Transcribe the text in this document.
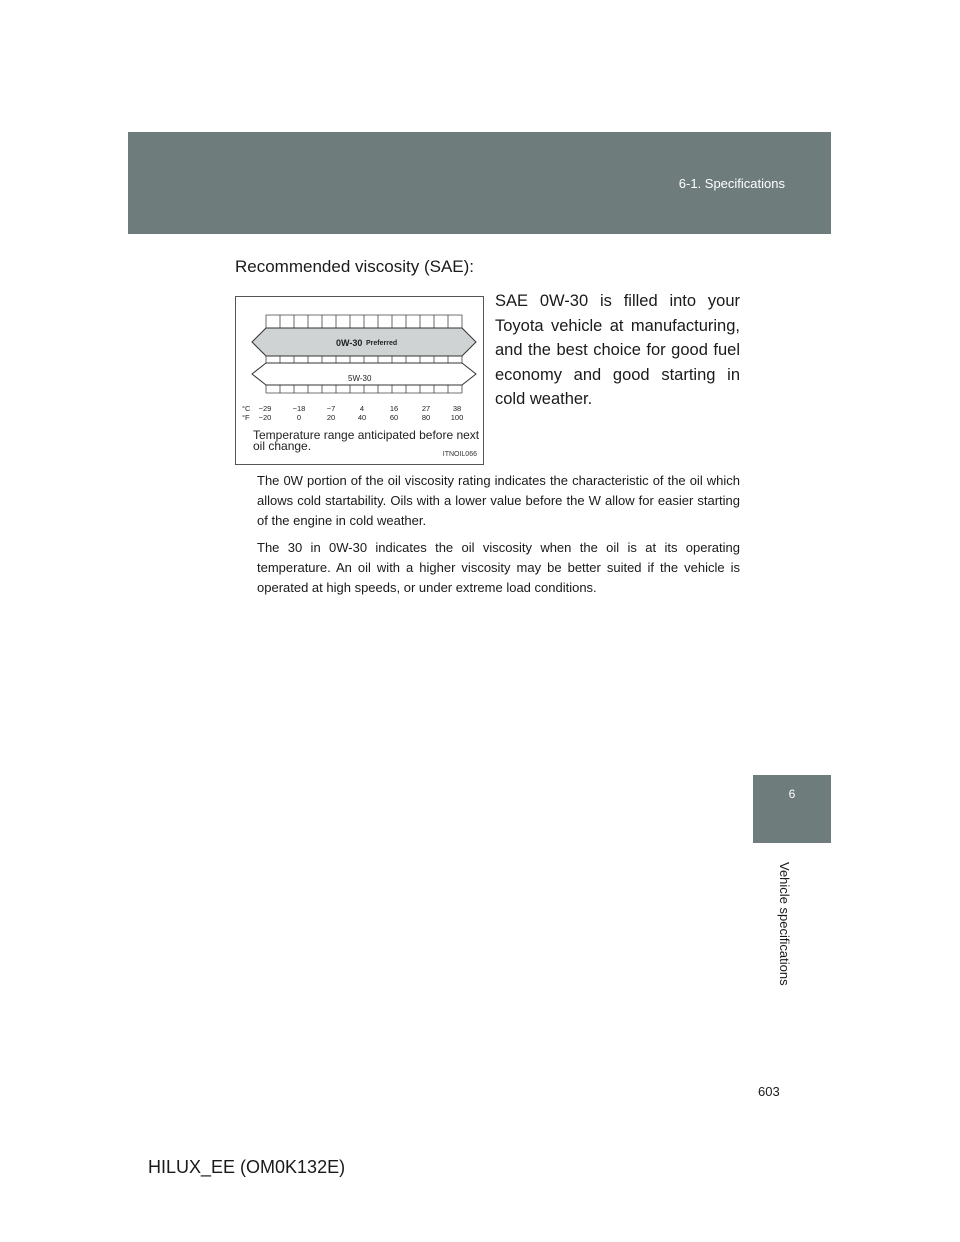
6-1. Specifications
6
Vehicle specifications
Recommended viscosity (SAE):
0W-30 Preferred
5W-30
°C
°F
−29	−18	−7	4	16	27	38
−20	0	20	40	60	80	100
Temperature range anticipated before next oil change.
ITNOIL066
SAE 0W-30 is filled into your Toyota vehicle at manufacturing, and the best choice for good fuel economy and good starting in cold weather.

The 0W portion of the oil viscosity rating indicates the characteristic of the oil which allows cold startability. Oils with a lower value before the W allow for easier starting of the engine in cold weather.

The 30 in 0W-30 indicates the oil viscosity when the oil is at its operating temperature. An oil with a higher viscosity may be better suited if the vehicle is operated at high speeds, or under extreme load conditions.

603
HILUX_EE (OM0K132E)
